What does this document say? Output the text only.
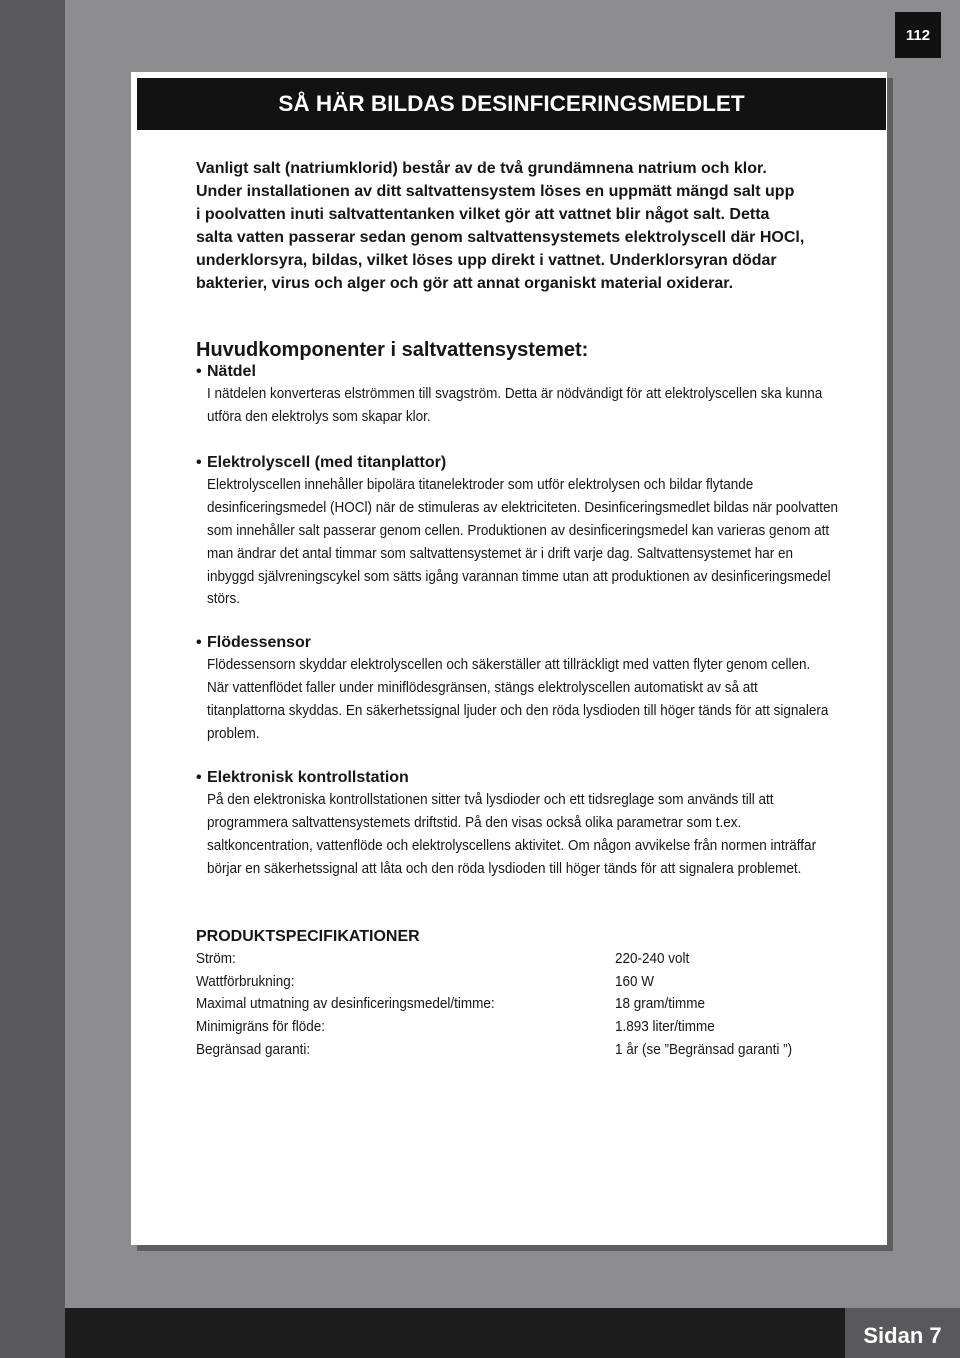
112
SÅ HÄR BILDAS DESINFICERINGSMEDLET
Vanligt salt (natriumklorid) består av de två grundämnena natrium och klor.
Under installationen av ditt saltvattensystem löses en uppmätt mängd salt upp
i poolvatten inuti saltvattentanken vilket gör att vattnet blir något salt. Detta
salta vatten passerar sedan genom saltvattensystemets elektrolyscell där HOCl,
underklorsyra, bildas, vilket löses upp direkt i vattnet. Underklorsyran dödar
bakterier, virus och alger och gör att annat organiskt material oxiderar.
Huvudkomponenter i saltvattensystemet:
•
Nätdel
I nätdelen konverteras elströmmen till svagström. Detta är nödvändigt för att elektrolyscellen ska kunna
utföra den elektrolys som skapar klor.
•
Elektrolyscell (med titanplattor)
Elektrolyscellen innehåller bipolära titanelektroder som utför elektrolysen och bildar flytande
desinficeringsmedel (HOCl) när de stimuleras av elektriciteten. Desinficeringsmedlet bildas när poolvatten
som innehåller salt passerar genom cellen. Produktionen av desinficeringsmedel kan varieras genom att
man ändrar det antal timmar som saltvattensystemet är i drift varje dag. Saltvattensystemet har en
inbyggd självreningscykel som sätts igång varannan timme utan att produktionen av desinficeringsmedel
störs.
•
Flödessensor
Flödessensorn skyddar elektrolyscellen och säkerställer att tillräckligt med vatten flyter genom cellen.
När vattenflödet faller under miniflödesgränsen, stängs elektrolyscellen automatiskt av så att
titanplattorna skyddas. En säkerhetssignal ljuder och den röda lysdioden till höger tänds för att signalera
problem.
•
Elektronisk kontrollstation
På den elektroniska kontrollstationen sitter två lysdioder och ett tidsreglage som används till att
programmera saltvattensystemets driftstid. På den visas också olika parametrar som t.ex.
saltkoncentration, vattenflöde och elektrolyscellens aktivitet. Om någon avvikelse från normen inträffar
börjar en säkerhetssignal att låta och den röda lysdioden till höger tänds för att signalera problemet.
PRODUKTSPECIFIKATIONER
Ström:	220-240 volt
Wattförbrukning:	160 W
Maximal utmatning av desinficeringsmedel/timme:	18 gram/timme
Minimigräns för flöde:	1.893 liter/timme
Begränsad garanti:	1 år (se ”Begränsad garanti ”)
Sidan 7
